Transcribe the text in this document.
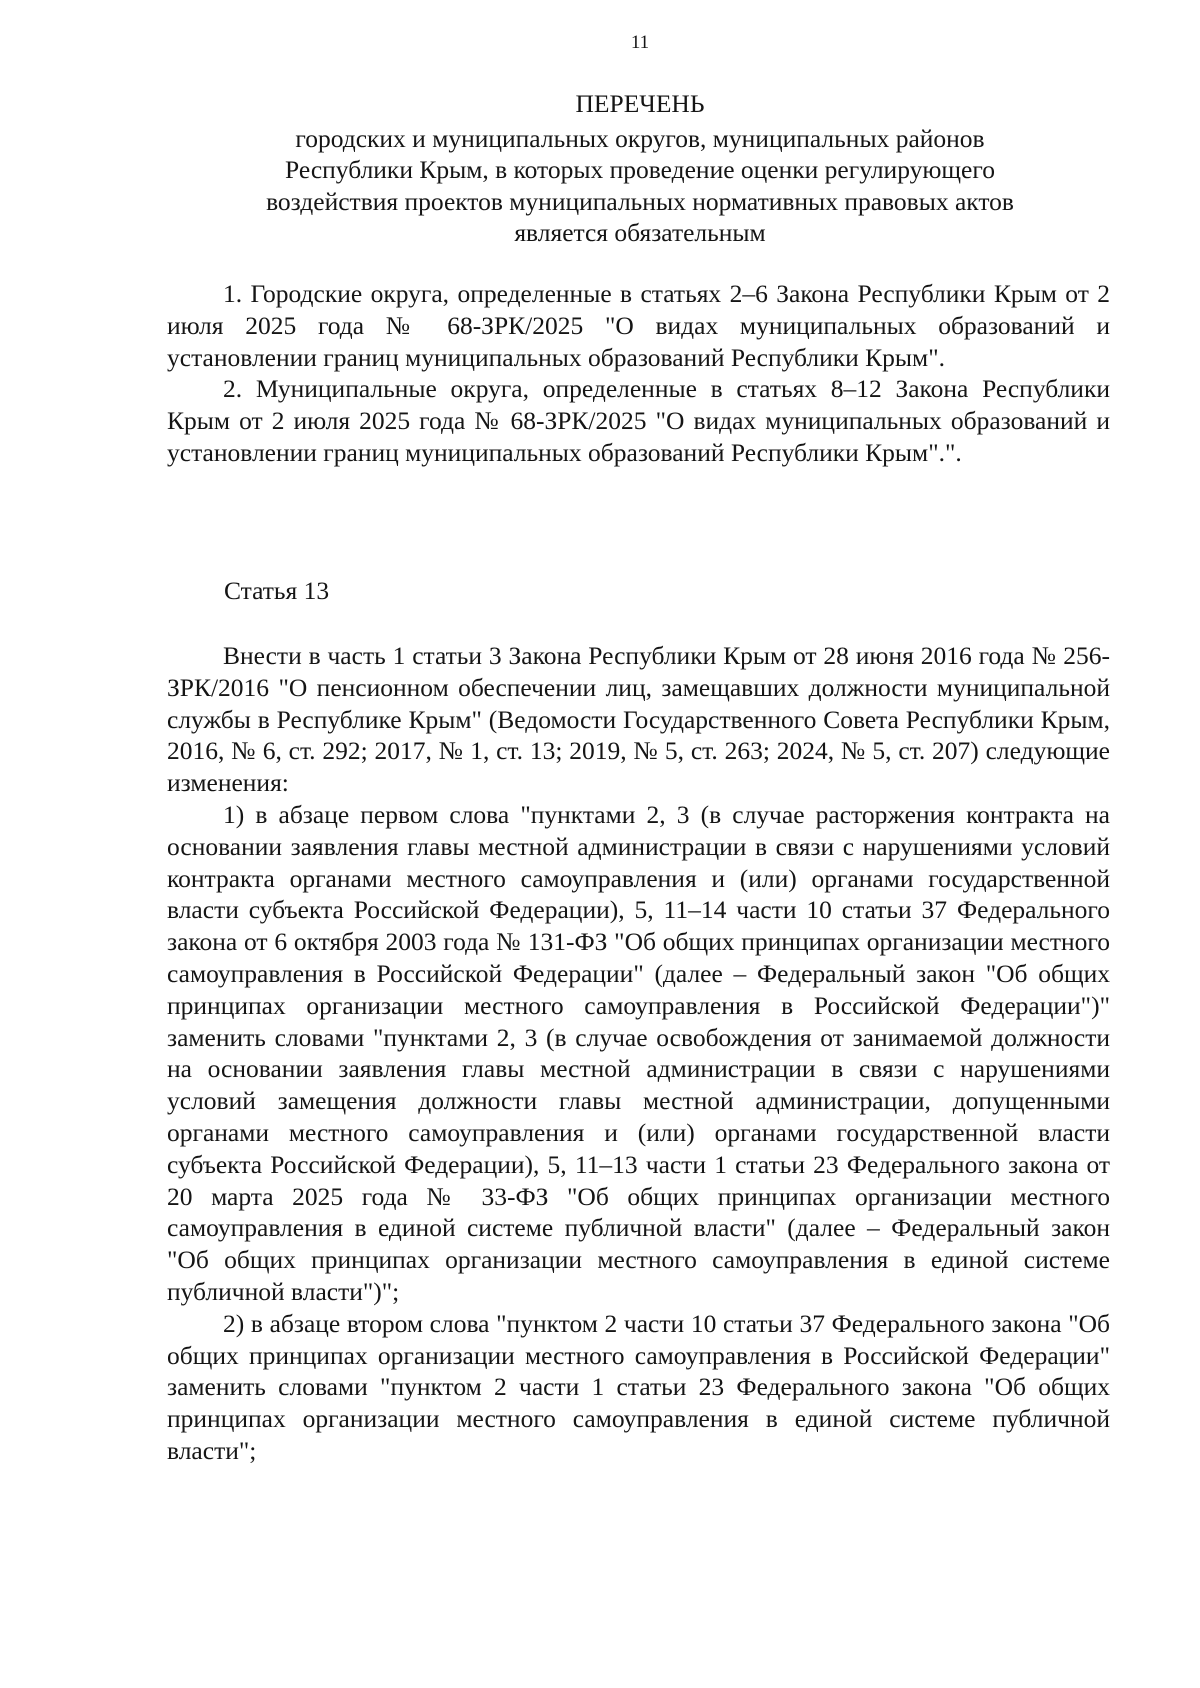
11
ПЕРЕЧЕНЬ
городских и муниципальных округов, муниципальных районов
Республики Крым, в которых проведение оценки регулирующего
воздействия проектов муниципальных нормативных правовых актов
является обязательным

1. Городские округа, определенные в статьях 2–6 Закона Республики Крым от 2 июля 2025 года № 68-ЗРК/2025 "О видах муниципальных образований и установлении границ муниципальных образований Республики Крым".

2. Муниципальные округа, определенные в статьях 8–12 Закона Республики Крым от 2 июля 2025 года № 68-ЗРК/2025 "О видах муниципальных образований и установлении границ муниципальных образований Республики Крым".".

Статья 13

Внести в часть 1 статьи 3 Закона Республики Крым от 28 июня 2016 года № 256-ЗРК/2016 "О пенсионном обеспечении лиц, замещавших должности муниципальной службы в Республике Крым" (Ведомости Государственного Совета Республики Крым, 2016, № 6, ст. 292; 2017, № 1, ст. 13; 2019, № 5, ст. 263; 2024, № 5, ст. 207) следующие изменения:

1) в абзаце первом слова "пунктами 2, 3 (в случае расторжения контракта на основании заявления главы местной администрации в связи с нарушениями условий контракта органами местного самоуправления и (или) органами государственной власти субъекта Российской Федерации), 5, 11–14 части 10 статьи 37 Федерального закона от 6 октября 2003 года № 131-ФЗ "Об общих принципах организации местного самоуправления в Российской Федерации" (далее – Федеральный закон "Об общих принципах организации местного самоуправления в Российской Федерации")" заменить словами "пунктами 2, 3 (в случае освобождения от занимаемой должности на основании заявления главы местной администрации в связи с нарушениями условий замещения должности главы местной администрации, допущенными органами местного самоуправления и (или) органами государственной власти субъекта Российской Федерации), 5, 11–13 части 1 статьи 23 Федерального закона от 20 марта 2025 года № 33-ФЗ "Об общих принципах организации местного самоуправления в единой системе публичной власти" (далее – Федеральный закон "Об общих принципах организации местного самоуправления в единой системе публичной власти")";

2) в абзаце втором слова "пунктом 2 части 10 статьи 37 Федерального закона "Об общих принципах организации местного самоуправления в Российской Федерации" заменить словами "пунктом 2 части 1 статьи 23 Федерального закона "Об общих принципах организации местного самоуправления в единой системе публичной власти";
